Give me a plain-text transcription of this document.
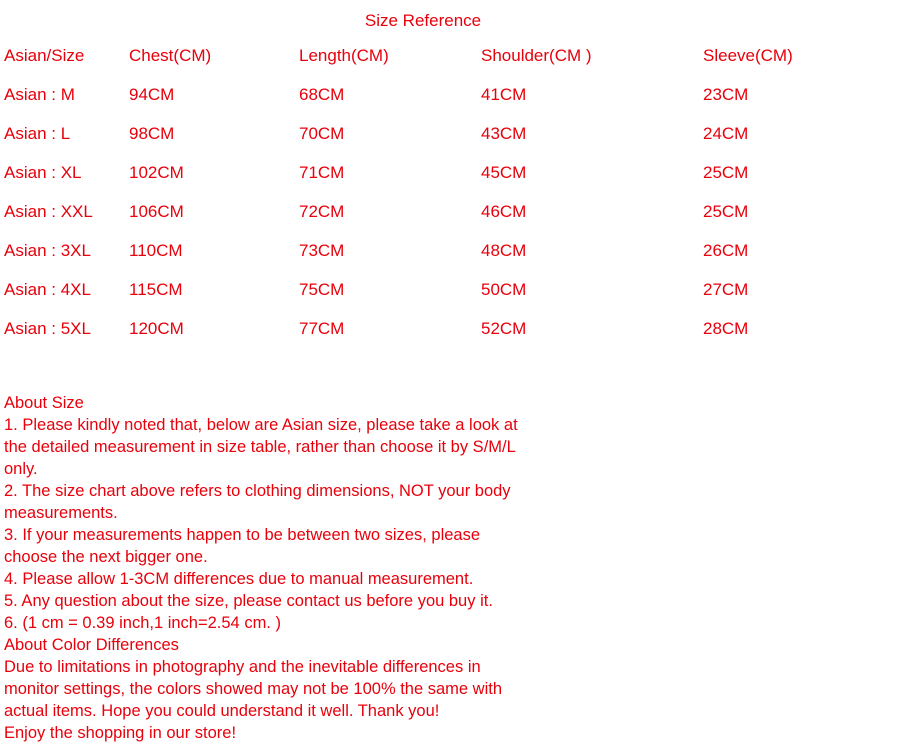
Size Reference
Asian/Size	Chest(CM)	Length(CM)	Shoulder(CM )	Sleeve(CM)
Asian : M	94CM	68CM	41CM	23CM
Asian : L	98CM	70CM	43CM	24CM
Asian : XL	102CM	71CM	45CM	25CM
Asian : XXL 106CM	72CM	46CM	25CM
Asian : 3XL 110CM	73CM	48CM	26CM
Asian : 4XL 115CM	75CM	50CM	27CM
Asian : 5XL 120CM	77CM	52CM	28CM
About Size
1. Please kindly noted that, below are Asian size, please take a look at
the detailed measurement in size table, rather than choose it by S/M/L
only.
2. The size chart above refers to clothing dimensions, NOT your body
measurements.
3. If your measurements happen to be between two sizes, please
choose the next bigger one.
4. Please allow 1-3CM differences due to manual measurement.
5. Any question about the size, please contact us before you buy it.
6. (1 cm = 0.39 inch,1 inch=2.54 cm. )
About Color Differences
Due to limitations in photography and the inevitable differences in
monitor settings, the colors showed may not be 100% the same with
actual items. Hope you could understand it well. Thank you!
Enjoy the shopping in our store!
